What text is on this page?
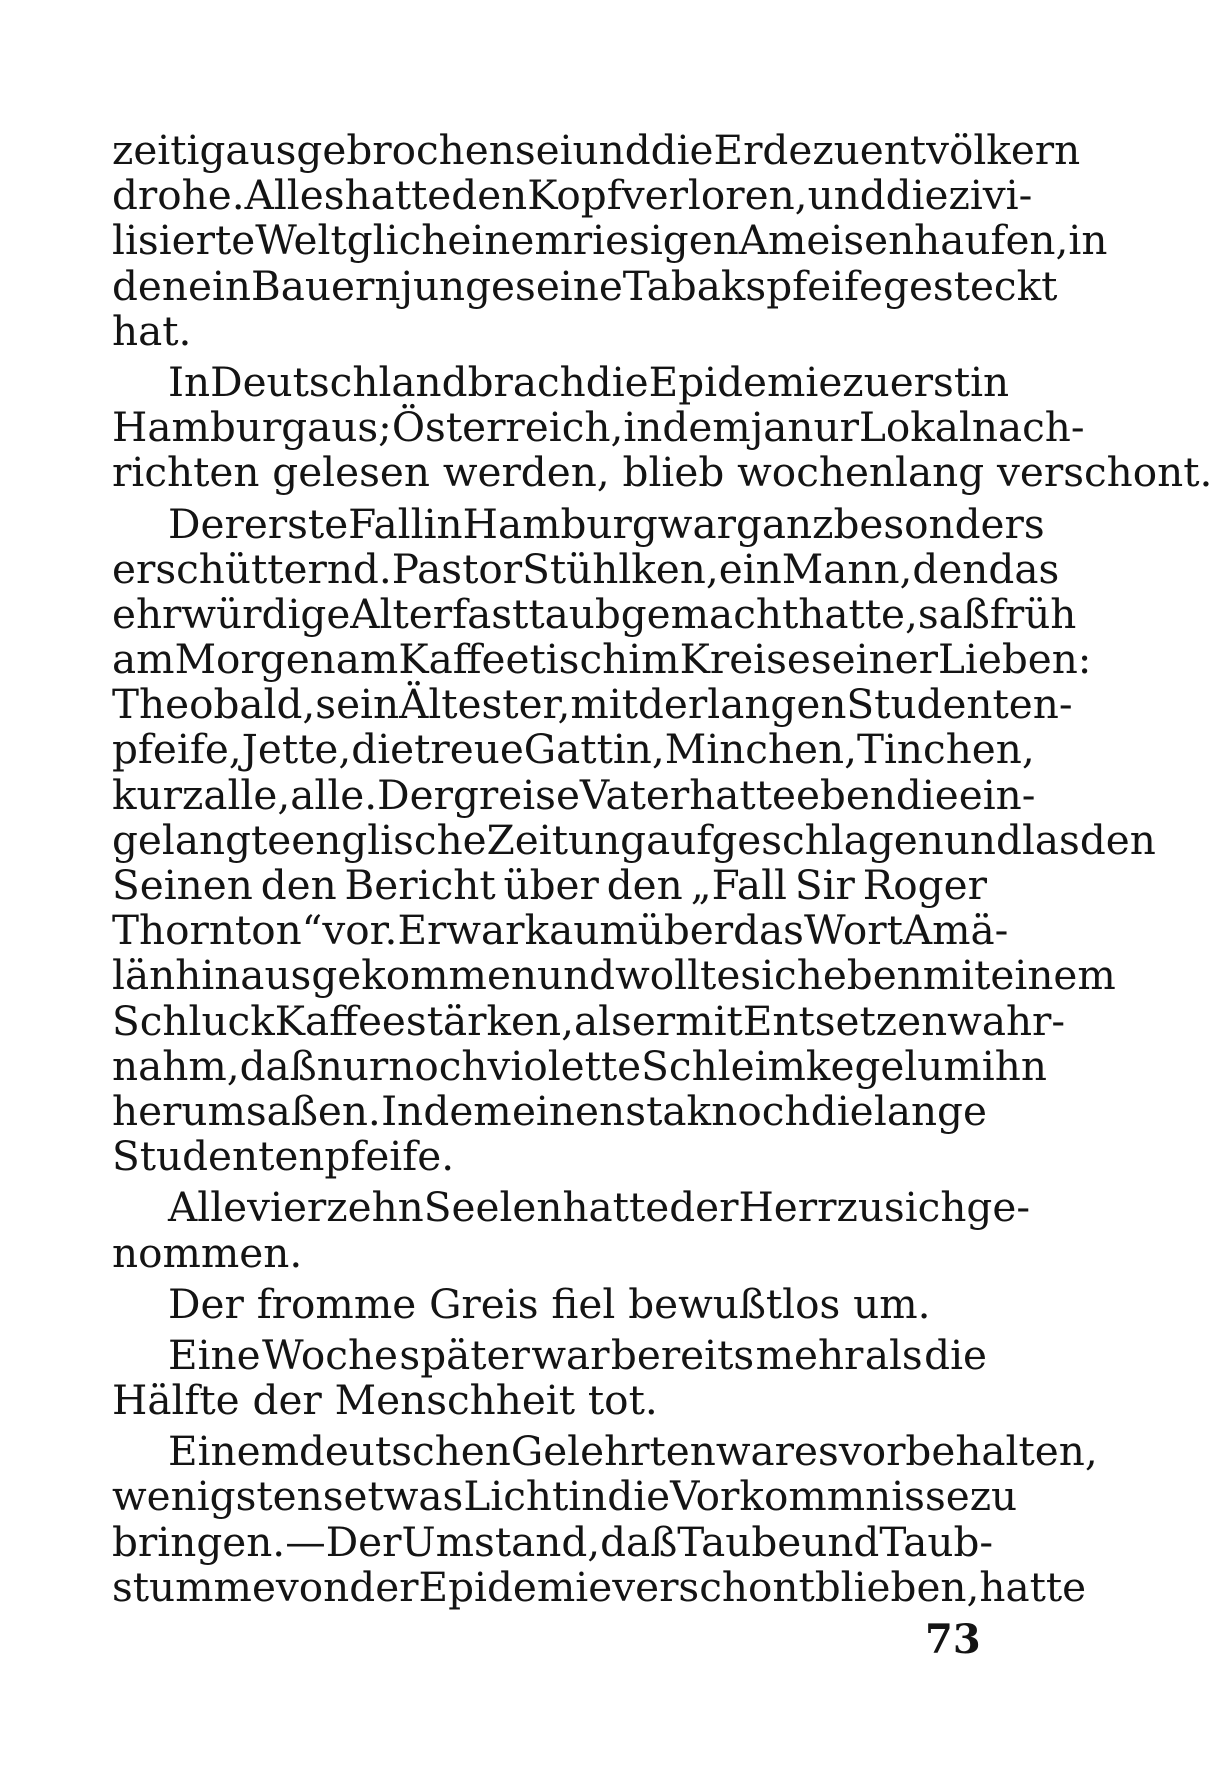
zeitig ausgebrochen sei und die Erde zu entvölkern
drohe. Alles hatte den Kopf verloren, und die zivi-
lisierte Welt glich einem riesigen Ameisenhaufen, in
den ein Bauernjunge seine Tabakspfeife gesteckt
hat.
In Deutschland brach die Epidemie zuerst in
Hamburg aus; Österreich, in dem ja nur Lokalnach-
richten gelesen werden, blieb wochenlang verschont.
Der erste Fall in Hamburg war ganz besonders
erschütternd. Pastor Stühlken, ein Mann, den das
ehrwürdige Alter fast taub gemacht hatte, saß früh
am Morgen am Kaffeetisch im Kreise seiner Lieben:
Theobald, sein Ältester, mit der langen Studenten-
pfeife, Jette, die treue Gattin, Minchen, Tinchen,
kurz alle, alle. Der greise Vater hatte eben die ein-
gelangte englische Zeitung aufgeschlagen und las den
Seinen den Bericht über den „Fall Sir Roger
Thornton“ vor. Er war kaum über das Wort Amä-
län hinausgekommen und wollte sich eben mit einem
Schluck Kaffee stärken, als er mit Entsetzen wahr-
nahm, daß nur noch violette Schleimkegel um ihn
herumsaßen. In dem einen stak noch die lange
Studentenpfeife.
Alle vierzehn Seelen hatte der Herr zu sich ge-
nommen.
Der fromme Greis fiel bewußtlos um.
Eine Woche später war bereits mehr als die
Hälfte der Menschheit tot.
Einem deutschen Gelehrten war es vorbehalten,
wenigstens etwas Licht in die Vorkommnisse zu
bringen. — Der Umstand, daß Taube und Taub-
stumme von der Epidemie verschont blieben, hatte
73
